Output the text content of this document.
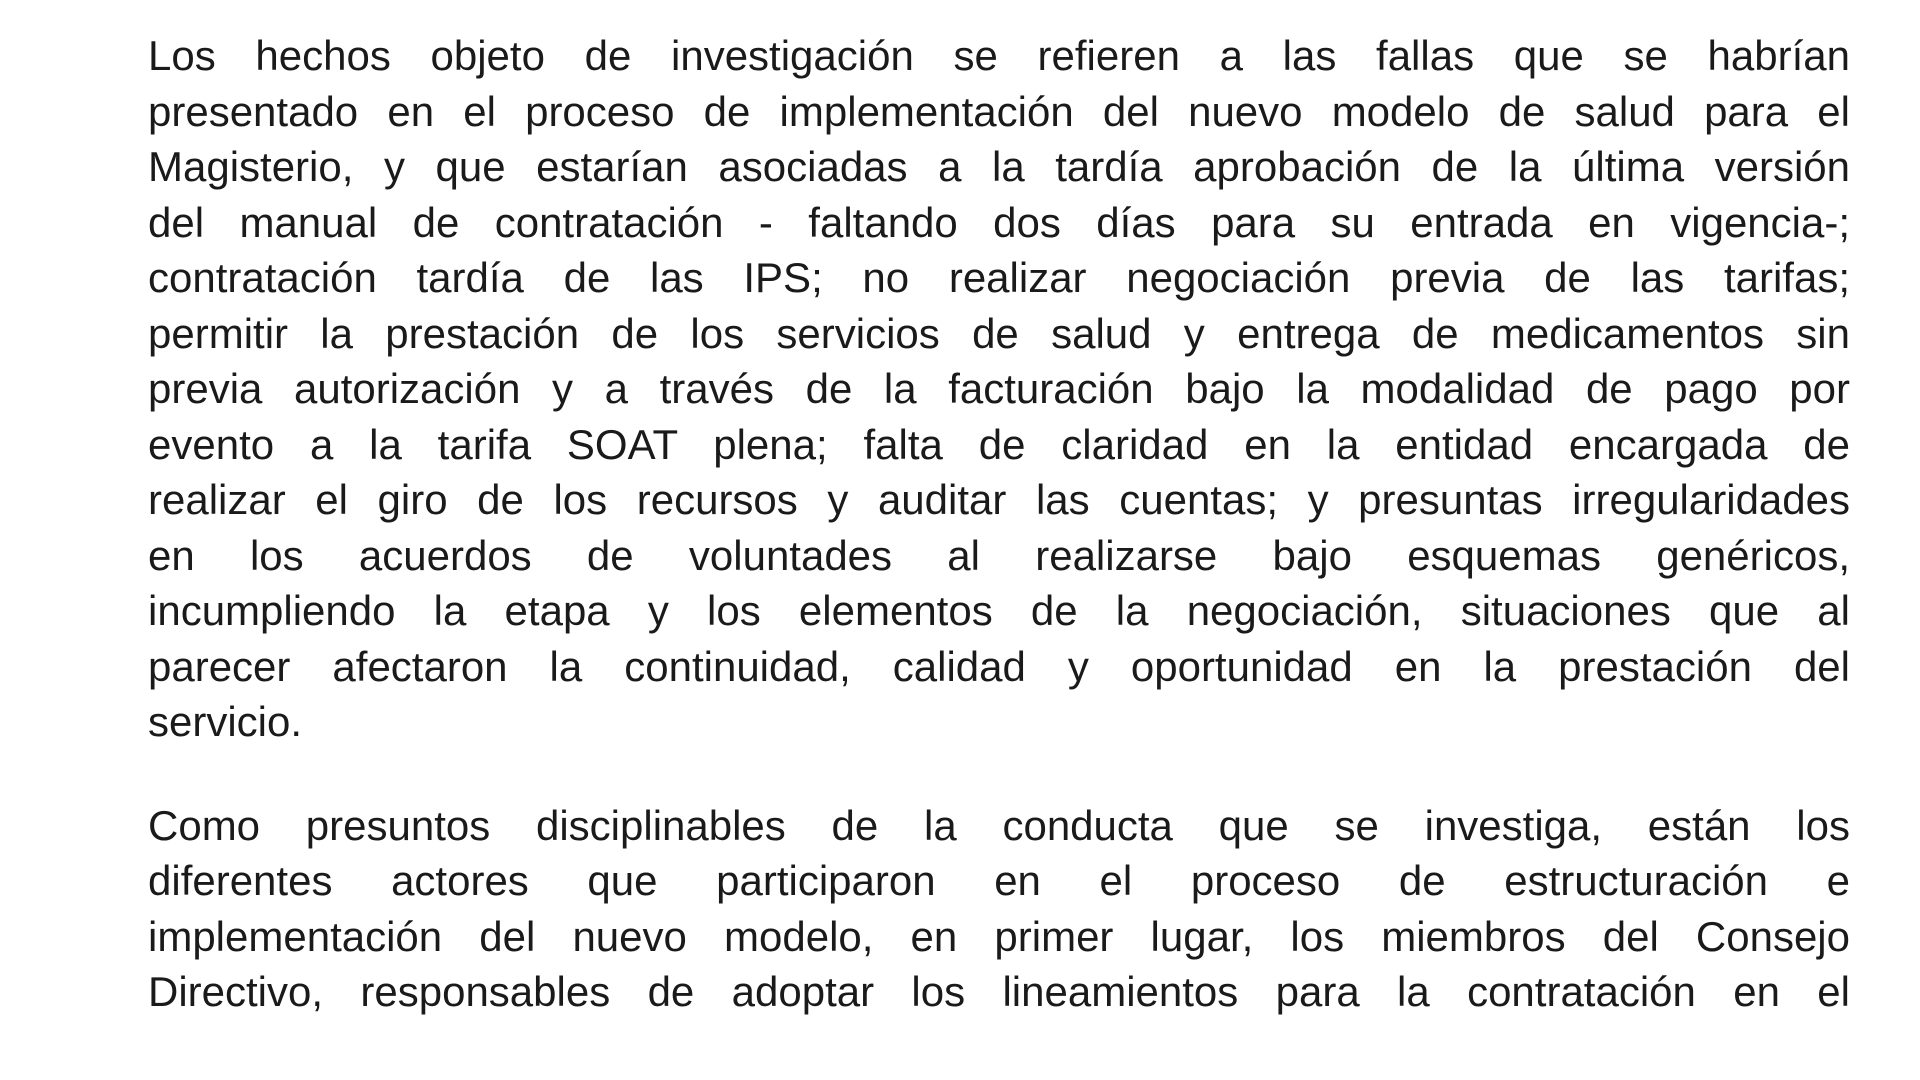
Los hechos objeto de investigación se refieren a las fallas que se habrían
presentado en el proceso de implementación del nuevo modelo de salud para el
Magisterio, y que estarían asociadas a la tardía aprobación de la última versión
del manual de contratación - faltando dos días para su entrada en vigencia-;
contratación tardía de las IPS; no realizar negociación previa de las tarifas;
permitir la prestación de los servicios de salud y entrega de medicamentos sin
previa autorización y a través de la facturación bajo la modalidad de pago por
evento a la tarifa SOAT plena; falta de claridad en la entidad encargada de
realizar el giro de los recursos y auditar las cuentas; y presuntas irregularidades
en los acuerdos de voluntades al realizarse bajo esquemas genéricos,
incumpliendo la etapa y los elementos de la negociación, situaciones que al
parecer afectaron la continuidad, calidad y oportunidad en la prestación del
servicio.
Como presuntos disciplinables de la conducta que se investiga, están los
diferentes actores que participaron en el proceso de estructuración e
implementación del nuevo modelo, en primer lugar, los miembros del Consejo
Directivo, responsables de adoptar los lineamientos para la contratación en el
